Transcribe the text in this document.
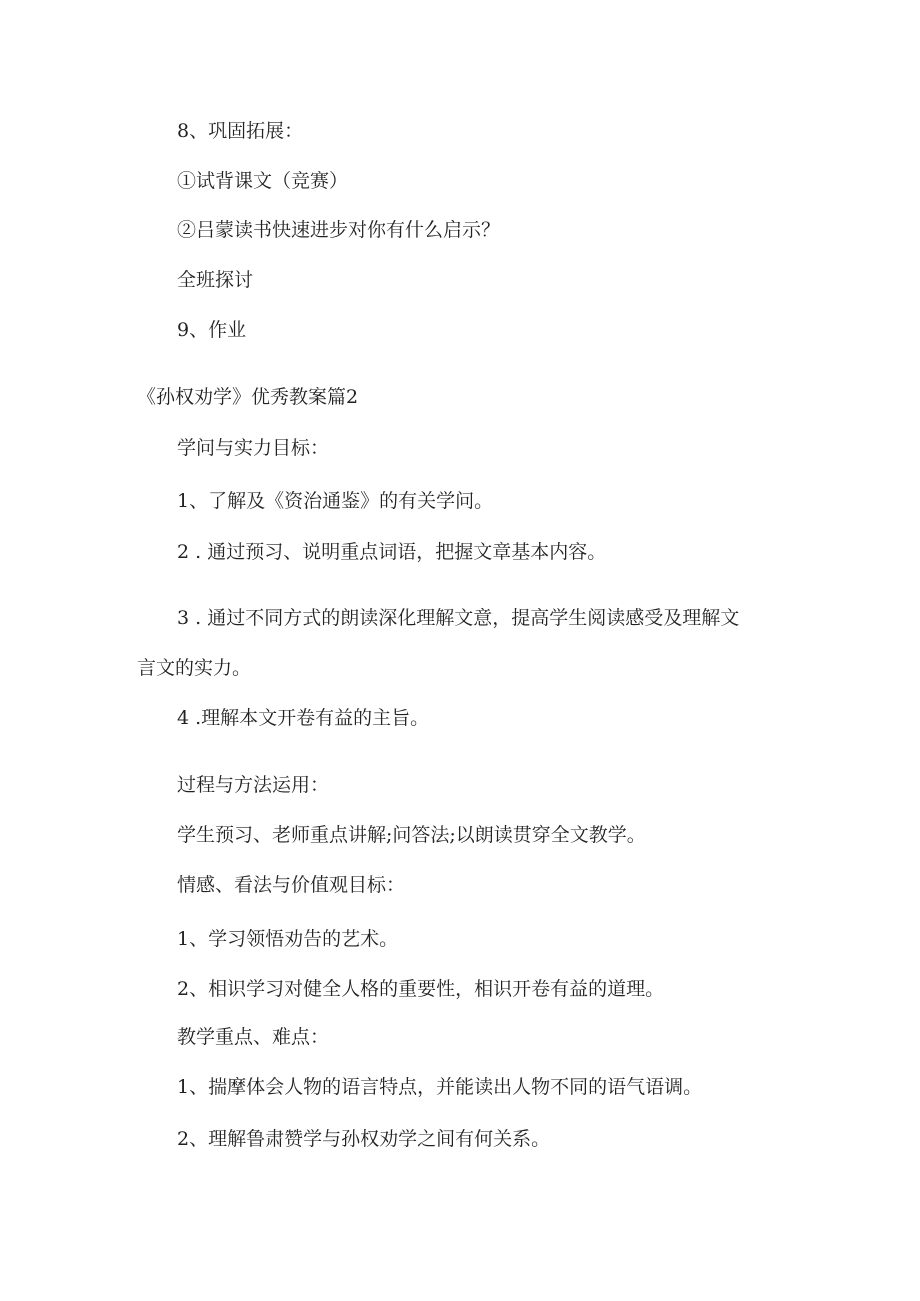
8、巩固拓展：
①试背课文（竞赛）
②吕蒙读书快速进步对你有什么启示？
全班探讨
9、作业
《孙权劝学》优秀教案篇2
学问与实力目标：
1、了解及《资治通鉴》的有关学问。
2 . 通过预习、说明重点词语，把握文章基本内容。
3 . 通过不同方式的朗读深化理解文意，提高学生阅读感受及理解文
言文的实力。
4 .理解本文开卷有益的主旨。
过程与方法运用：
学生预习、老师重点讲解;问答法;以朗读贯穿全文教学。
情感、看法与价值观目标：
1、学习领悟劝告的艺术。
2、相识学习对健全人格的重要性，相识开卷有益的道理。
教学重点、难点：
1、揣摩体会人物的语言特点，并能读出人物不同的语气语调。
2、理解鲁肃赞学与孙权劝学之间有何关系。
